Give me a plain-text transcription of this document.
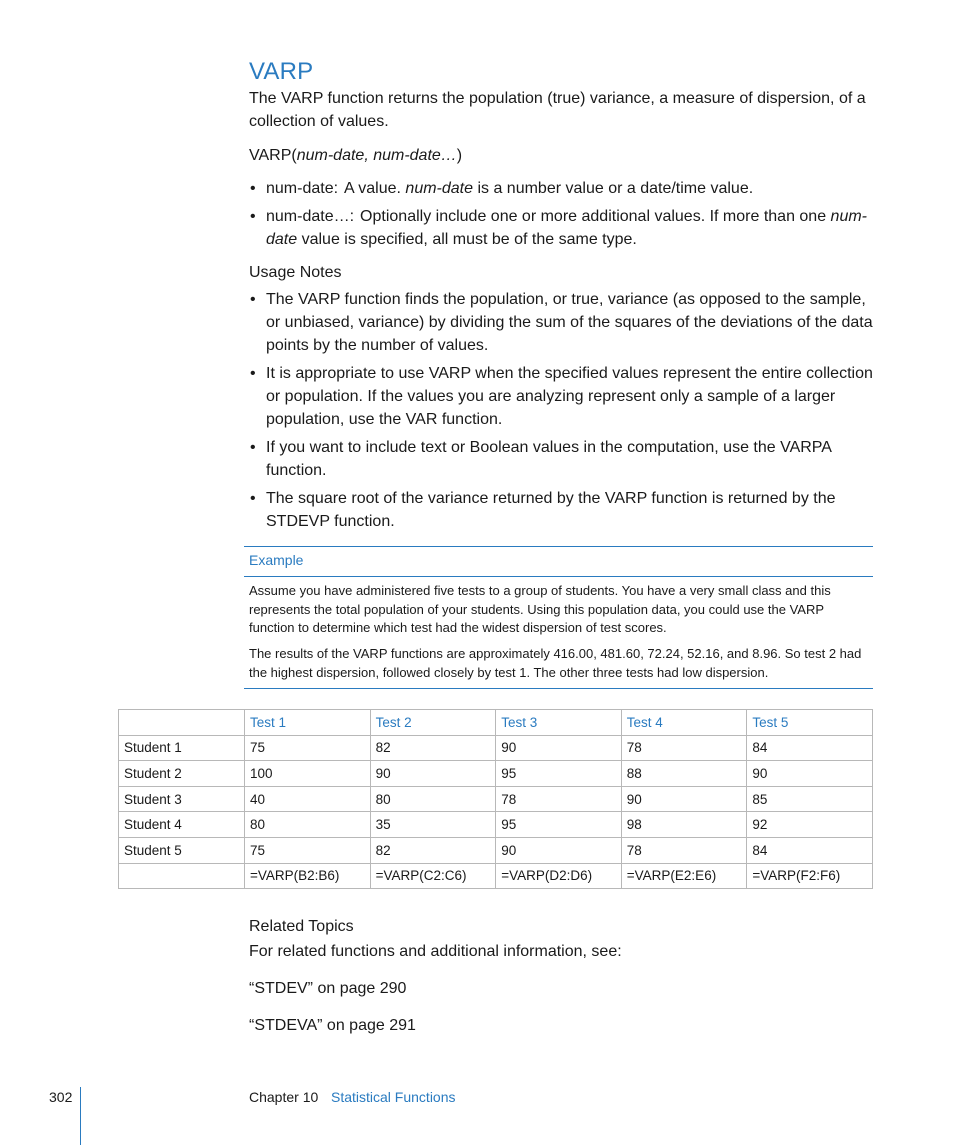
VARP
The VARP function returns the population (true) variance, a measure of dispersion, of a collection of values.
VARP(num-date, num-date…)
• num-date: A value. num-date is a number value or a date/time value.
• num-date…: Optionally include one or more additional values. If more than one num-date value is specified, all must be of the same type.
Usage Notes
• The VARP function finds the population, or true, variance (as opposed to the sample, or unbiased, variance) by dividing the sum of the squares of the deviations of the data points by the number of values.
• It is appropriate to use VARP when the specified values represent the entire collection or population. If the values you are analyzing represent only a sample of a larger population, use the VAR function.
• If you want to include text or Boolean values in the computation, use the VARPA function.
• The square root of the variance returned by the VARP function is returned by the STDEVP function.
Example
Assume you have administered five tests to a group of students. You have a very small class and this represents the total population of your students. Using this population data, you could use the VARP function to determine which test had the widest dispersion of test scores.
The results of the VARP functions are approximately 416.00, 481.60, 72.24, 52.16, and 8.96. So test 2 had the highest dispersion, followed closely by test 1. The other three tests had low dispersion.
	Test 1	Test 2	Test 3	Test 4	Test 5
Student 1	75	82	90	78	84
Student 2	100	90	95	88	90
Student 3	40	80	78	90	85
Student 4	80	35	95	98	92
Student 5	75	82	90	78	84
	=VARP(B2:B6)	=VARP(C2:C6)	=VARP(D2:D6)	=VARP(E2:E6)	=VARP(F2:F6)
Related Topics
For related functions and additional information, see:
“STDEV” on page 290
“STDEVA” on page 291
302	Chapter 10 Statistical Functions
